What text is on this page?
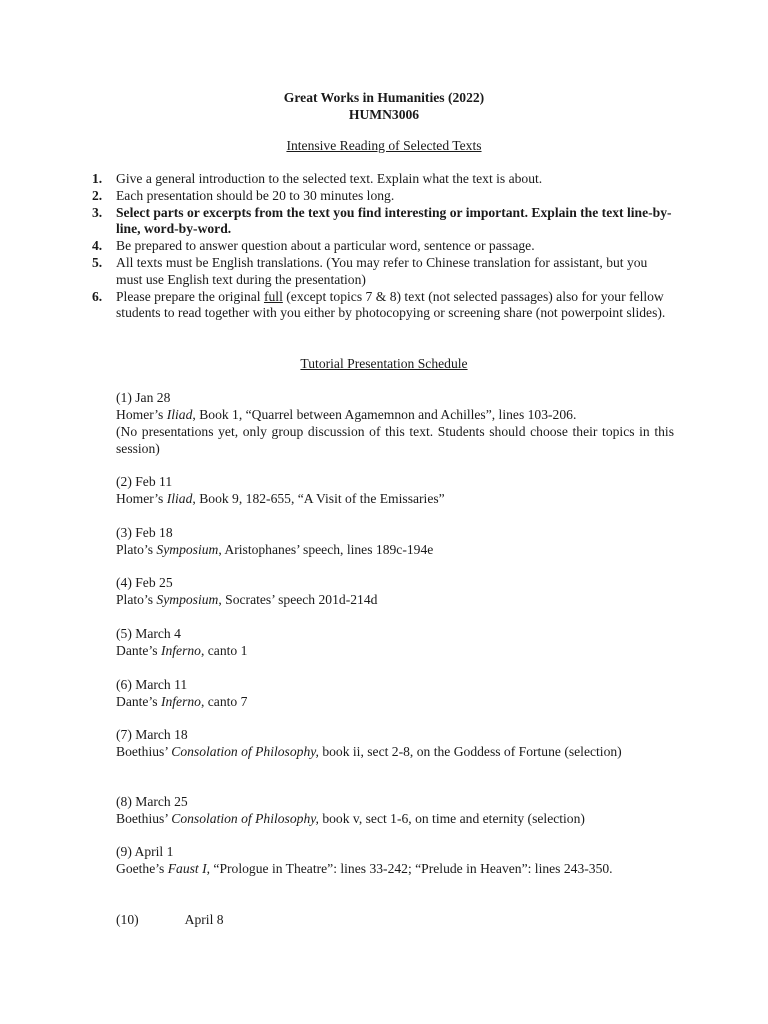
Great Works in Humanities (2022)
HUMN3006
Intensive Reading of Selected Texts
1. Give a general introduction to the selected text. Explain what the text is about.
2. Each presentation should be 20 to 30 minutes long.
3. Select parts or excerpts from the text you find interesting or important. Explain the text line-by-line, word-by-word.
4. Be prepared to answer question about a particular word, sentence or passage.
5. All texts must be English translations. (You may refer to Chinese translation for assistant, but you must use English text during the presentation)
6. Please prepare the original full (except topics 7 & 8) text (not selected passages) also for your fellow students to read together with you either by photocopying or screening share (not powerpoint slides).
Tutorial Presentation Schedule
(1) Jan 28
Homer’s Iliad, Book 1, “Quarrel between Agamemnon and Achilles”, lines 103-206.
(No presentations yet, only group discussion of this text. Students should choose their topics in this session)
(2) Feb 11
Homer’s Iliad, Book 9, 182-655, “A Visit of the Emissaries”
(3) Feb 18
Plato’s Symposium, Aristophanes’ speech, lines 189c-194e
(4) Feb 25
Plato’s Symposium, Socrates’ speech 201d-214d
(5) March 4
Dante’s Inferno, canto 1
(6) March 11
Dante’s Inferno, canto 7
(7) March 18
Boethius’ Consolation of Philosophy, book ii, sect 2-8, on the Goddess of Fortune (selection)
(8) March 25
Boethius’ Consolation of Philosophy, book v, sect 1-6, on time and eternity (selection)
(9) April 1
Goethe’s Faust I, “Prologue in Theatre”: lines 33-242; “Prelude in Heaven”: lines 243-350.
(10)	April 8
